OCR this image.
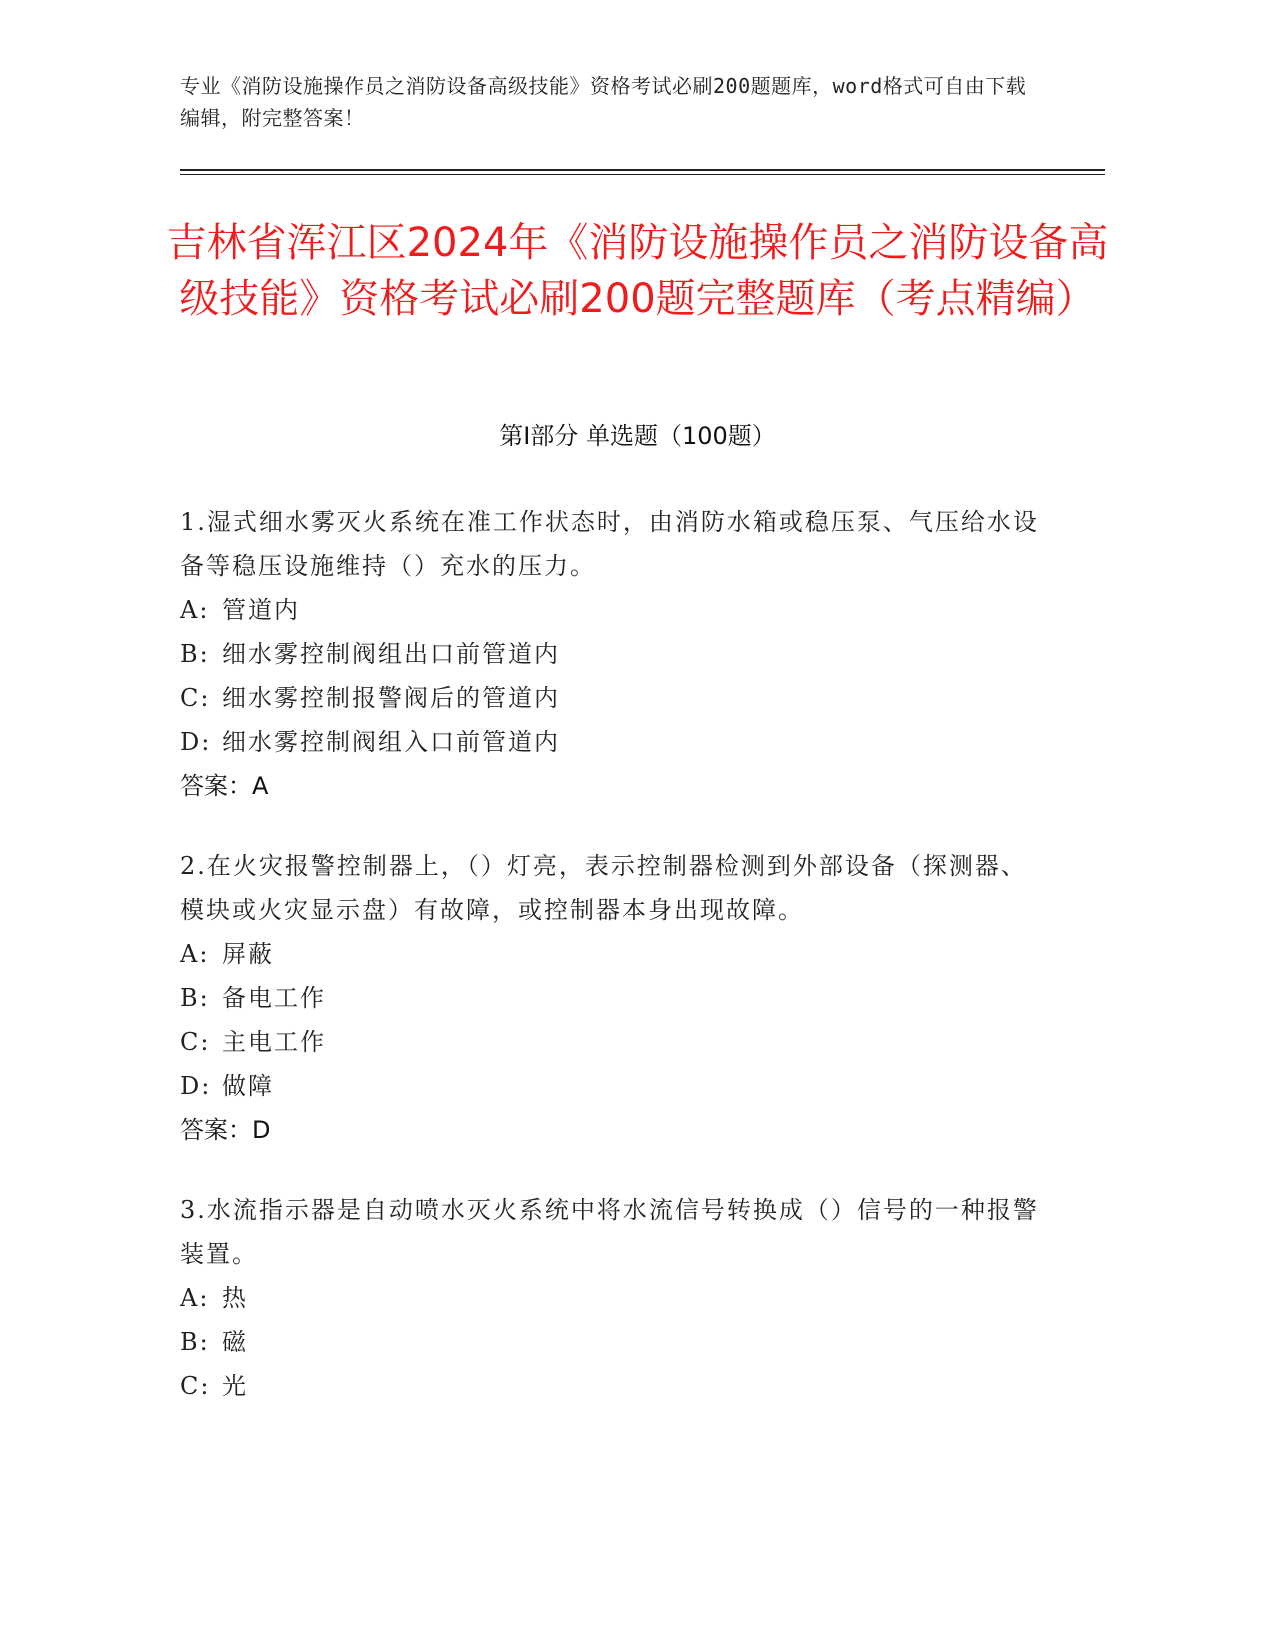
专业《消防设施操作员之消防设备高级技能》资格考试必刷200题题库，word格式可自由下载编辑，附完整答案！
吉林省浑江区2024年《消防设施操作员之消防设备高级技能》资格考试必刷200题完整题库（考点精编）
第Ⅰ部分 单选题（100题）

1.湿式细水雾灭火系统在准工作状态时，由消防水箱或稳压泵、气压给水设备等稳压设施维持（）充水的压力。

A: 管道内

B: 细水雾控制阀组出口前管道内

C: 细水雾控制报警阀后的管道内

D: 细水雾控制阀组入口前管道内

答案：A

2.在火灾报警控制器上，（）灯亮，表示控制器检测到外部设备（探测器、模块或火灾显示盘）有故障，或控制器本身出现故障。

A: 屏蔽

B: 备电工作

C: 主电工作

D: 做障

答案：D

3.水流指示器是自动喷水灭火系统中将水流信号转换成（）信号的一种报警装置。

A: 热

B: 磁

C: 光
